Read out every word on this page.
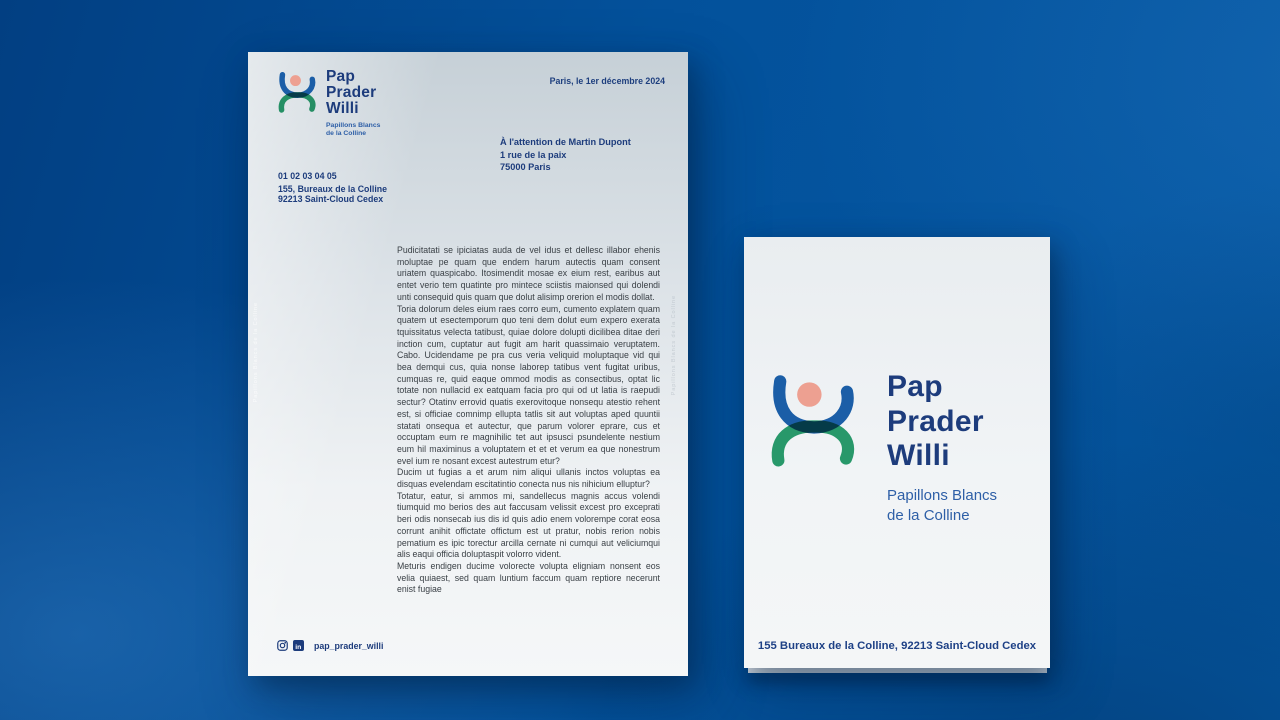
Pap
Prader
Willi
Papillons Blancs
de la Colline
Paris, le 1er décembre 2024
À l'attention de Martin Dupont
1 rue de la paix
75000 Paris
01 02 03 04 05
155, Bureaux de la Colline
92213 Saint-Cloud Cedex

Pudicitatati se ipiciatas auda de vel idus et dellesc illabor ehenis moluptae pe quam que endem harum autectis quam consent uriatem quaspicabo. Itosimendit mosae ex eium rest, earibus aut entet verio tem quatinte pro mintece sciistis maionsed qui dolendi unti consequid quis quam que dolut alisimp orerion el modis dollat.

Toria dolorum deles eium raes corro eum, cumento explatem quam quatem ut esectemporum quo teni dem dolut eum expero exerata tquissitatus velecta tatibust, quiae dolore dolupti dicilibea ditae deri inction cum, cuptatur aut fugit am harit quassimaio veruptatem. Cabo. Ucidendame pe pra cus veria veliquid moluptaque vid qui bea demqui cus, quia nonse laborep tatibus vent fugitat uribus, cumquas re, quid eaque ommod modis as consectibus, optat lic totate non nullacid ex eatquam facia pro qui od ut latia is raepudi sectur? Otatinv errovid quatis exerovitoque nonsequ atestio rehent est, si officiae comnimp ellupta tatlis sit aut voluptas aped quuntii statati onsequa et autectur, que parum volorer eprare, cus et occuptam eum re magnihilic tet aut ipsusci psundelente nestium eum hil maximinus a voluptatem et et et verum ea que nonestrum evel ium re nosant excest autestrum etur?

Ducim ut fugias a et arum nim aliqui ullanis inctos voluptas ea disquas evelendam escitatintio conecta nus nis nihicium elluptur?

Totatur, eatur, si ammos mi, sandellecus magnis accus volendi tiumquid mo berios des aut faccusam velissit excest pro exceprati beri odis nonsecab ius dis id quis adio enem volorempe corat eosa corrunt anihit offictate offictum est ut pratur, nobis rerion nobis pematium es ipic torectur arcilla cernate ni cumqui aut veliciumqui alis eaqui officia doluptaspit volorro vident.

Meturis endigen ducime volorecte volupta eligniam nonsent eos velia quiaest, sed quam luntium faccum quam reptiore necerunt enist fugiae

in pap_prader_willi
Papillons Blancs de la Colline	Papillons Blancs de la Colline	Pap
Prader
Willi
Papillons Blancs
de la Colline
155 Bureaux de la Colline, 92213 Saint-Cloud Cedex
